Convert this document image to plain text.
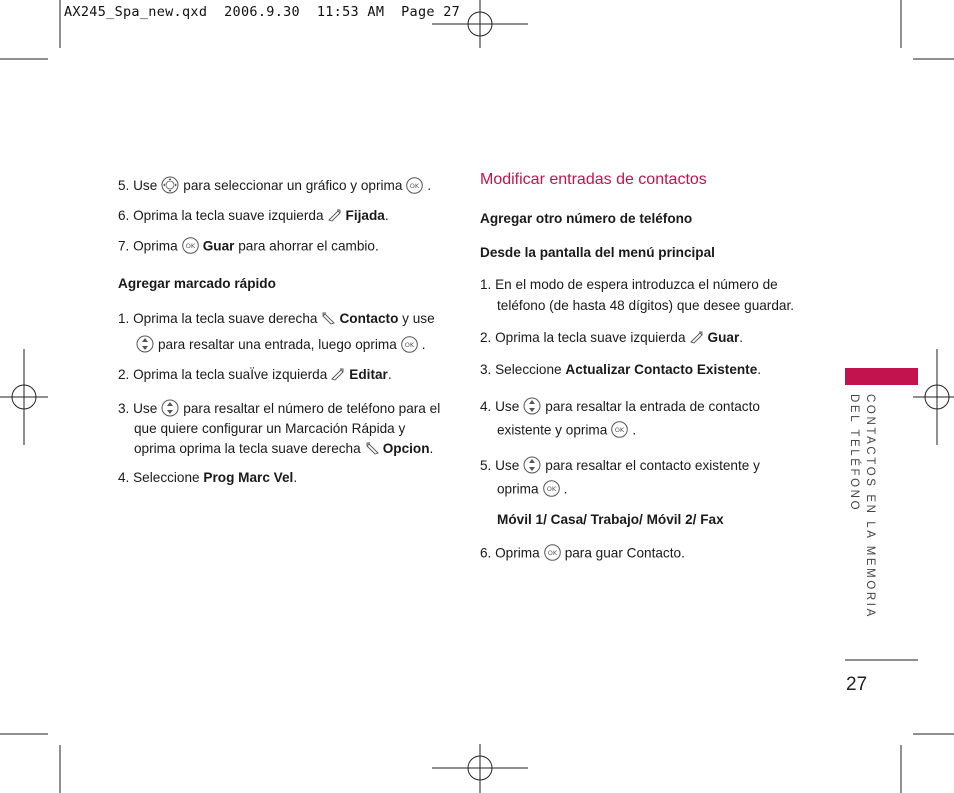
AX245_Spa_new.qxd  2006.9.30  11:53 AM  Page 27
5. Use para seleccionar un gráfico y oprima OK .
6. Oprima la tecla suave izquierda Fijada.
7. Oprima OK Guar para ahorrar el cambio.
Agregar marcado rápido
1. Oprima la tecla suave derecha Contacto y use
para resaltar una entrada, luego oprima OK .
2. Oprima la tecla suaÏve izquierda Editar.
3. Use para resaltar el número de teléfono para el
que quiere configurar un Marcación Rápida y
oprima oprima la tecla suave derecha Opcion.
4. Seleccione Prog Marc Vel.
Modificar entradas de contactos
Agregar otro número de teléfono
Desde la pantalla del menú principal
1. En el modo de espera introduzca el número de
teléfono (de hasta 48 dígitos) que desee guardar.
2. Oprima la tecla suave izquierda Guar.
3. Seleccione Actualizar Contacto Existente.
4. Use para resaltar la entrada de contacto
existente y oprima OK .
5. Use para resaltar el contacto existente y
oprima OK .
Móvil 1/ Casa/ Trabajo/ Móvil 2/ Fax
6. Oprima OK para guar Contacto.	CONTACTOS EN LA MEMORIA
DEL TELÉFONO
27
